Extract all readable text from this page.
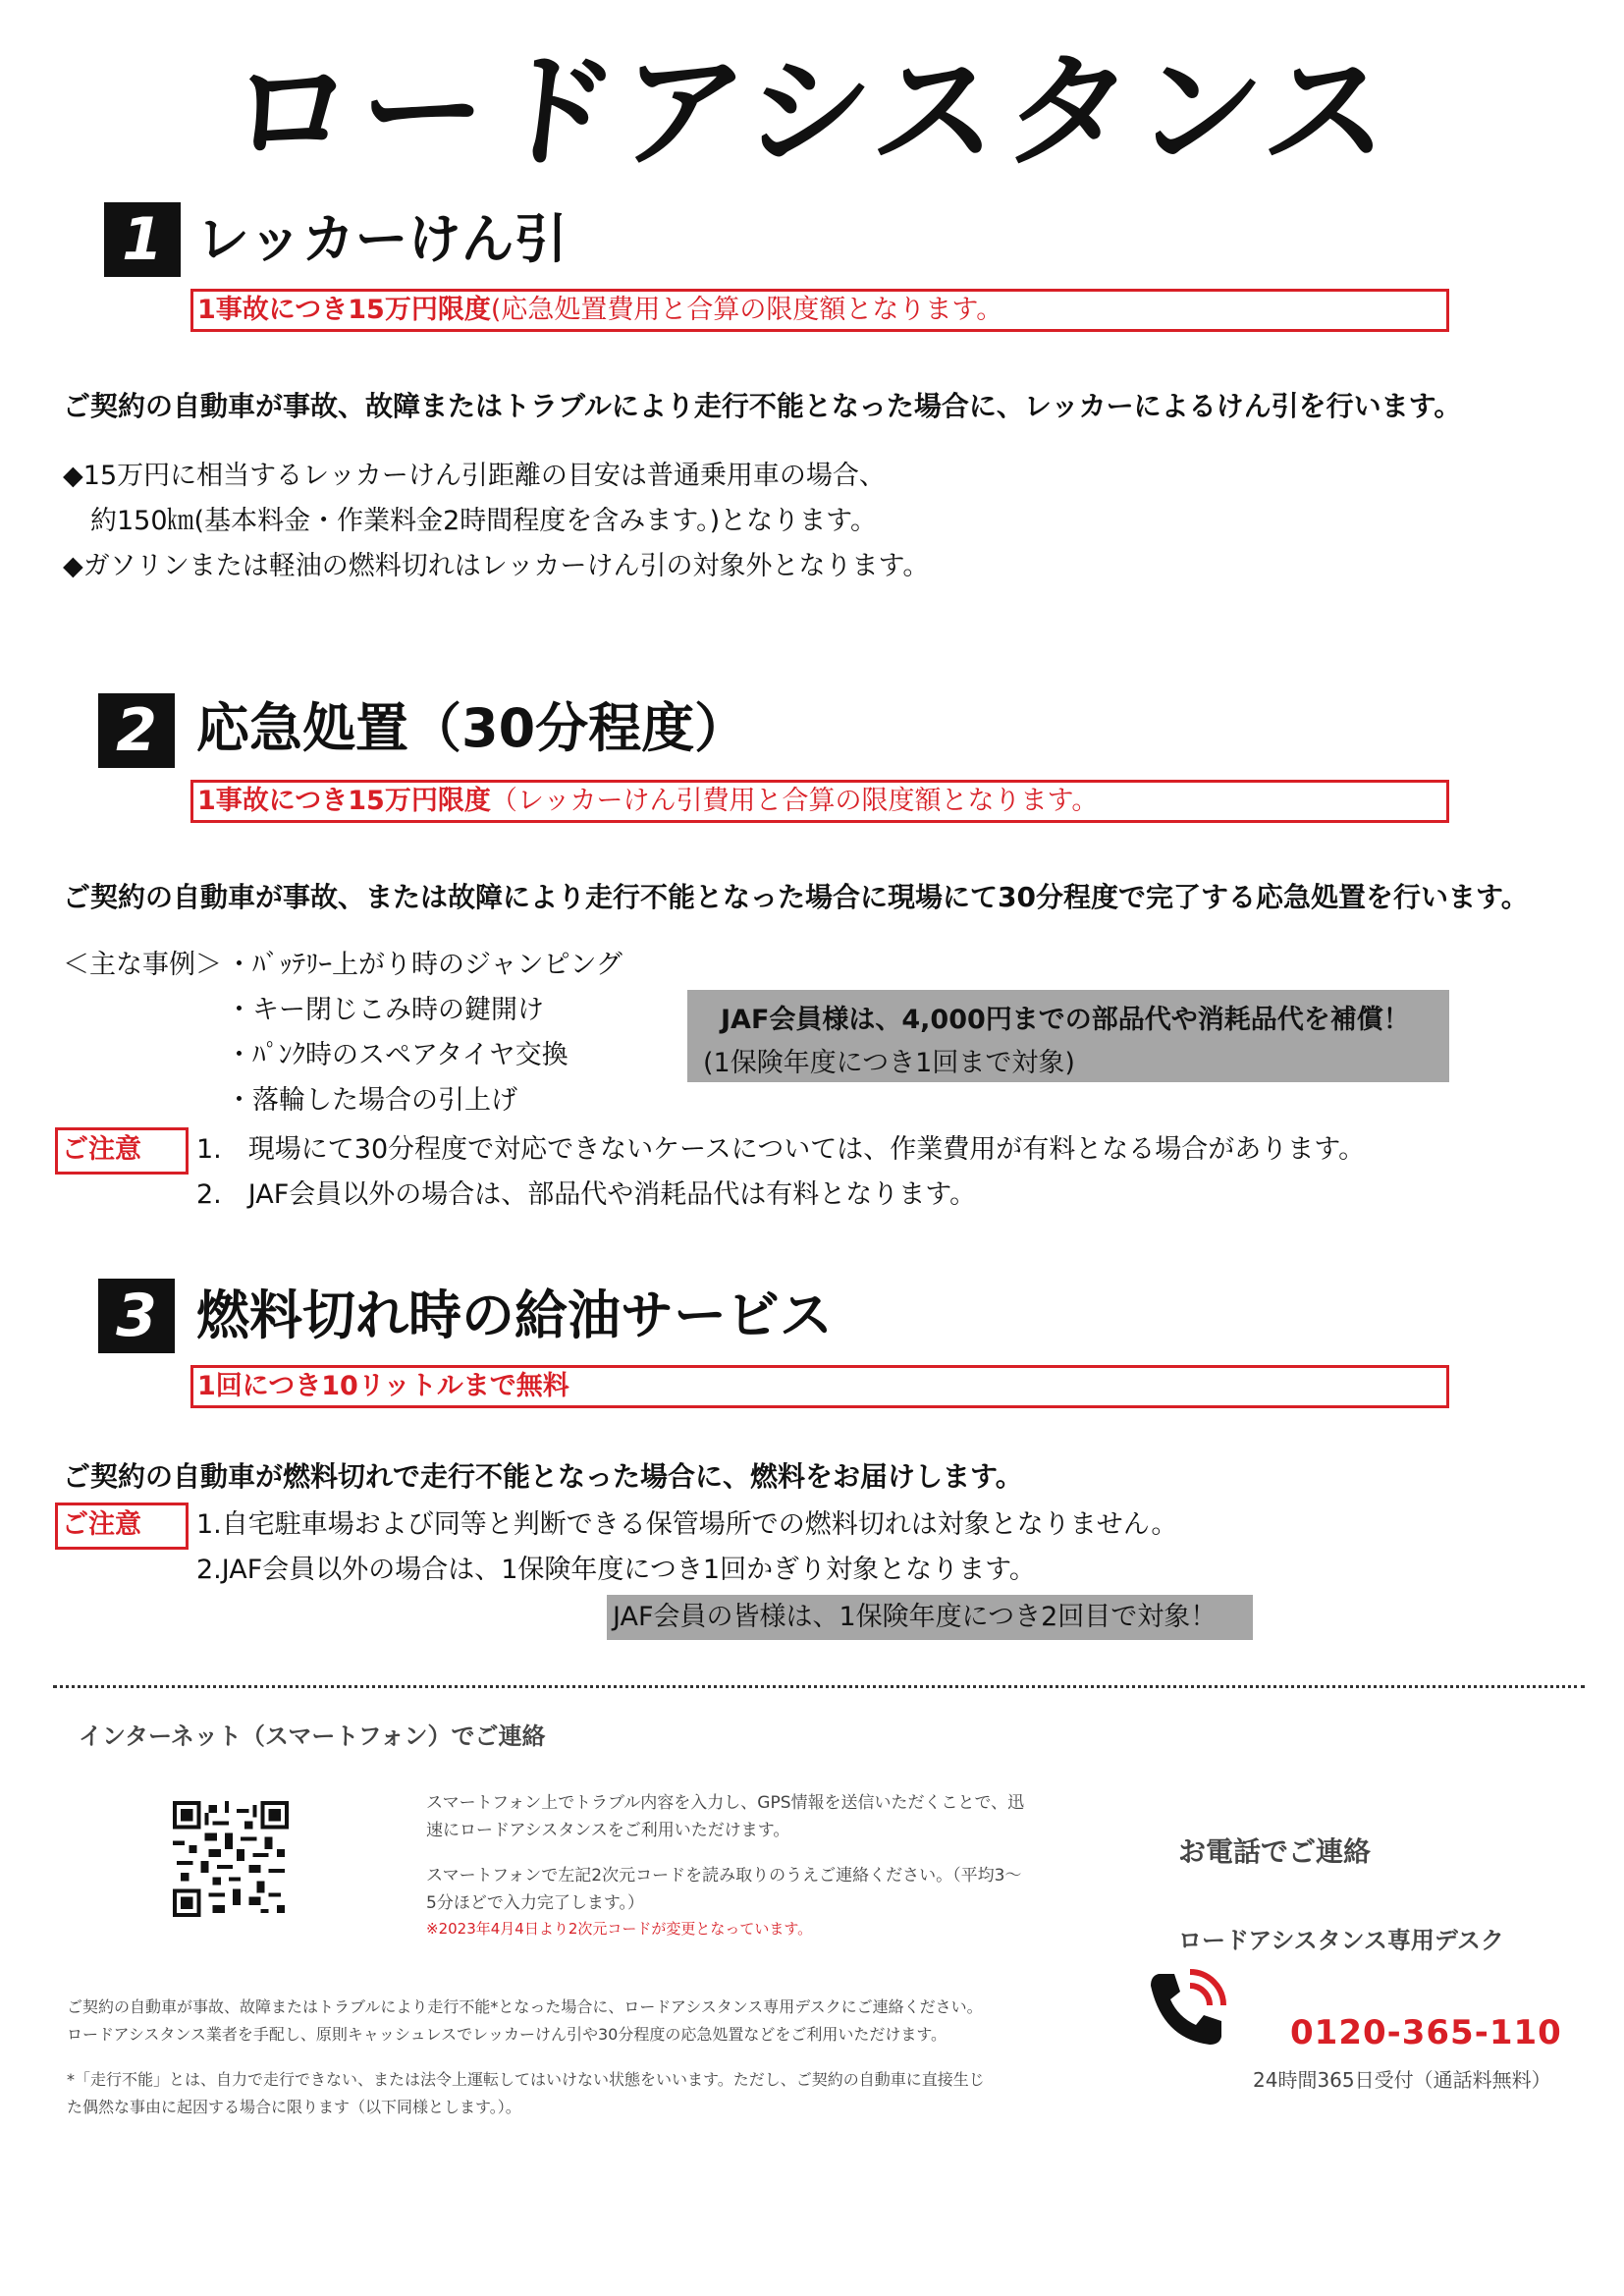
ロードアシスタンス
1 レッカーけん引
1事故につき15万円限度(応急処置費用と合算の限度額となります。
ご契約の自動車が事故、故障またはトラブルにより走行不能となった場合に、レッカーによるけん引を行います。
◆15万円に相当するレッカーけん引距離の目安は普通乗用車の場合、
約150㎞(基本料金・作業料金2時間程度を含みます。)となります。
◆ガソリンまたは軽油の燃料切れはレッカーけん引の対象外となります。
2 応急処置（30分程度）
1事故につき15万円限度（レッカーけん引費用と合算の限度額となります。
ご契約の自動車が事故、または故障により走行不能となった場合に現場にて30分程度で完了する応急処置を行います。
＜主な事例＞ ・ﾊﾞｯﾃﾘｰ上がり時のジャンピング
・キー閉じこみ時の鍵開け
・ﾊﾟﾝｸ時のスペアタイヤ交換
・落輪した場合の引上げ
JAF会員様は、4,000円までの部品代や消耗品代を補償！
(1保険年度につき1回まで対象)
ご注意	1.　現場にて30分程度で対応できないケースについては、作業費用が有料となる場合があります。
2.　JAF会員以外の場合は、部品代や消耗品代は有料となります。
3 燃料切れ時の給油サービス
1回につき10リットルまで無料
ご契約の自動車が燃料切れで走行不能となった場合に、燃料をお届けします。
ご注意	1.自宅駐車場および同等と判断できる保管場所での燃料切れは対象となりません。
2.JAF会員以外の場合は、1保険年度につき1回かぎり対象となります。
JAF会員の皆様は、1保険年度につき2回目で対象！
インターネット（スマートフォン）でご連絡
スマートフォン上でトラブル内容を入力し、GPS情報を送信いただくことで、迅
速にロードアシスタンスをご利用いただけます。
スマートフォンで左記2次元コードを読み取りのうえご連絡ください。（平均3～
5分ほどで入力完了します。）
※2023年4月4日より2次元コードが変更となっています。
お電話でご連絡
ロードアシスタンス専用デスク
0120-365-110
24時間365日受付（通話料無料）
ご契約の自動車が事故、故障またはトラブルにより走行不能*となった場合に、ロードアシスタンス専用デスクにご連絡ください。
ロードアシスタンス業者を手配し、原則キャッシュレスでレッカーけん引や30分程度の応急処置などをご利用いただけます。
*「走行不能」とは、自力で走行できない、または法令上運転してはいけない状態をいいます。ただし、ご契約の自動車に直接生じ
た偶然な事由に起因する場合に限ります（以下同様とします。）。
